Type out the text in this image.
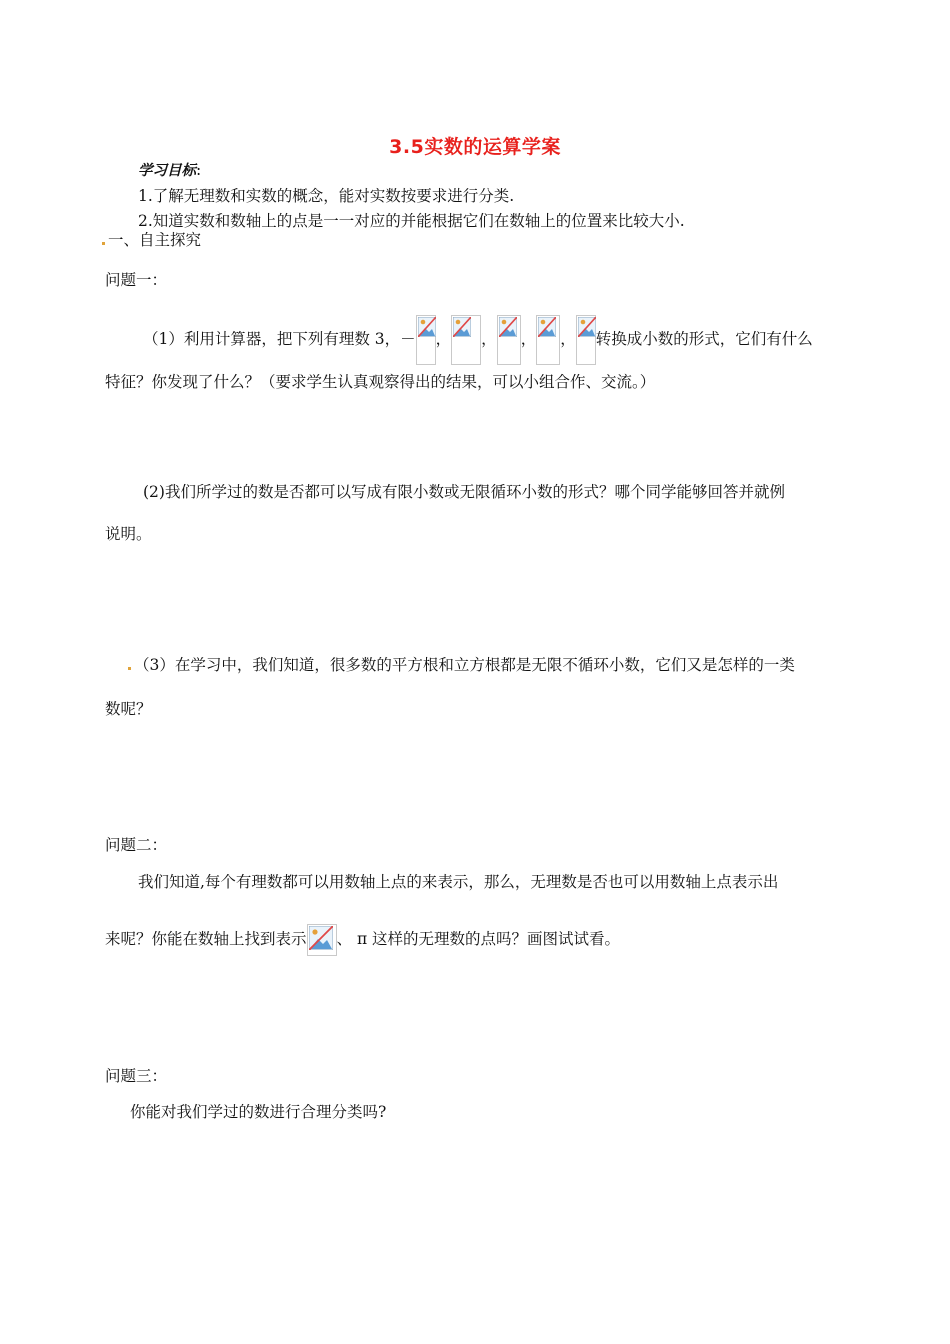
3.5实数的运算学案
学习目标:
1.了解无理数和实数的概念，能对实数按要求进行分类.
2.知道实数和数轴上的点是一一对应的并能根据它们在数轴上的位置来比较大小.
一、自主探究
问题一：
（1）利用计算器，把下列有理数 3，－ ， ， ， ， 转换成小数的形式，它们有什么
特征？你发现了什么？（要求学生认真观察得出的结果，可以小组合作、交流。）
(2)我们所学过的数是否都可以写成有限小数或无限循环小数的形式？哪个同学能够回答并就例
说明。
（3）在学习中，我们知道，很多数的平方根和立方根都是无限不循环小数，它们又是怎样的一类
数呢？
问题二：
我们知道,每个有理数都可以用数轴上点的来表示，那么，无理数是否也可以用数轴上点表示出
来呢？你能在数轴上找到表示 、 π 这样的无理数的点吗？画图试试看。
问题三：
你能对我们学过的数进行合理分类吗?
